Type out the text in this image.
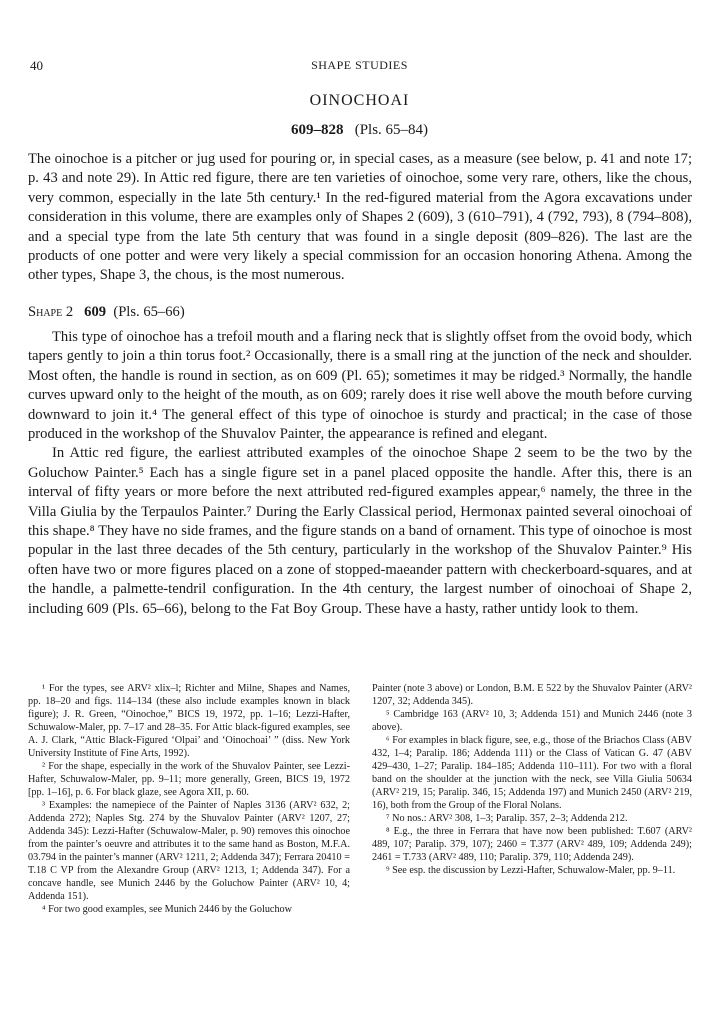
40	SHAPE STUDIES
OINOCHOAI
609–828 (Pls. 65–84)

The oinochoe is a pitcher or jug used for pouring or, in special cases, as a measure (see below, p. 41 and note 17; p. 43 and note 29). In Attic red figure, there are ten varieties of oinochoe, some very rare, others, like the chous, very common, especially in the late 5th century.¹ In the red-figured material from the Agora excavations under consideration in this volume, there are examples only of Shapes 2 (609), 3 (610–791), 4 (792, 793), 8 (794–808), and a special type from the late 5th century that was found in a single deposit (809–826). The last are the products of one potter and were very likely a special commission for an occasion honoring Athena. Among the other types, Shape 3, the chous, is the most numerous.

Shape 2 609 (Pls. 65–66)

This type of oinochoe has a trefoil mouth and a flaring neck that is slightly offset from the ovoid body, which tapers gently to join a thin torus foot.² Occasionally, there is a small ring at the junction of the neck and shoulder. Most often, the handle is round in section, as on 609 (Pl. 65); sometimes it may be ridged.³ Normally, the handle curves upward only to the height of the mouth, as on 609; rarely does it rise well above the mouth before curving downward to join it.⁴ The general effect of this type of oinochoe is sturdy and practical; in the case of those produced in the workshop of the Shuvalov Painter, the appearance is refined and elegant.

In Attic red figure, the earliest attributed examples of the oinochoe Shape 2 seem to be the two by the Goluchow Painter.⁵ Each has a single figure set in a panel placed opposite the handle. After this, there is an interval of fifty years or more before the next attributed red-figured examples appear,⁶ namely, the three in the Villa Giulia by the Terpaulos Painter.⁷ During the Early Classical period, Hermonax painted several oinochoai of this shape.⁸ They have no side frames, and the figure stands on a band of ornament. This type of oinochoe is most popular in the last three decades of the 5th century, particularly in the workshop of the Shuvalov Painter.⁹ His often have two or more figures placed on a zone of stopped-maeander pattern with checkerboard-squares, and at the handle, a palmette-tendril configuration. In the 4th century, the largest number of oinochoai of Shape 2, including 609 (Pls. 65–66), belong to the Fat Boy Group. These have a hasty, rather untidy look to them.

¹ For the types, see ARV² xlix–l; Richter and Milne, Shapes and Names, pp. 18–20 and figs. 114–134 (these also include examples known in black figure); J. R. Green, “Oinochoe,” BICS 19, 1972, pp. 1–16; Lezzi-Hafter, Schuwalow-Maler, pp. 7–17 and 28–35. For Attic black-figured examples, see A. J. Clark, “Attic Black-Figured ‘Olpai’ and ‘Oinochoai’ ” (diss. New York University Institute of Fine Arts, 1992).

² For the shape, especially in the work of the Shuvalov Painter, see Lezzi-Hafter, Schuwalow-Maler, pp. 9–11; more generally, Green, BICS 19, 1972 [pp. 1–16], p. 6. For black glaze, see Agora XII, p. 60.

³ Examples: the namepiece of the Painter of Naples 3136 (ARV² 632, 2; Addenda 272); Naples Stg. 274 by the Shuvalov Painter (ARV² 1207, 27; Addenda 345): Lezzi-Hafter (Schuwalow-Maler, p. 90) removes this oinochoe from the painter’s oeuvre and attributes it to the same hand as Boston, M.F.A. 03.794 in the painter’s manner (ARV² 1211, 2; Addenda 347); Ferrara 20410 = T.18 C VP from the Alexandre Group (ARV² 1213, 1; Addenda 347). For a concave handle, see Munich 2446 by the Goluchow Painter (ARV² 10, 4; Addenda 151).

⁴ For two good examples, see Munich 2446 by the Goluchow

Painter (note 3 above) or London, B.M. E 522 by the Shuvalov Painter (ARV² 1207, 32; Addenda 345).

⁵ Cambridge 163 (ARV² 10, 3; Addenda 151) and Munich 2446 (note 3 above).

⁶ For examples in black figure, see, e.g., those of the Briachos Class (ABV 432, 1–4; Paralip. 186; Addenda 111) or the Class of Vatican G. 47 (ABV 429–430, 1–27; Paralip. 184–185; Addenda 110–111). For two with a floral band on the shoulder at the junction with the neck, see Villa Giulia 50634 (ARV² 219, 15; Paralip. 346, 15; Addenda 197) and Munich 2450 (ARV² 219, 16), both from the Group of the Floral Nolans.

⁷ No nos.: ARV² 308, 1–3; Paralip. 357, 2–3; Addenda 212.

⁸ E.g., the three in Ferrara that have now been published: T.607 (ARV² 489, 107; Paralip. 379, 107); 2460 = T.377 (ARV² 489, 109; Addenda 249); 2461 = T.733 (ARV² 489, 110; Paralip. 379, 110; Addenda 249).

⁹ See esp. the discussion by Lezzi-Hafter, Schuwalow-Maler, pp. 9–11.
